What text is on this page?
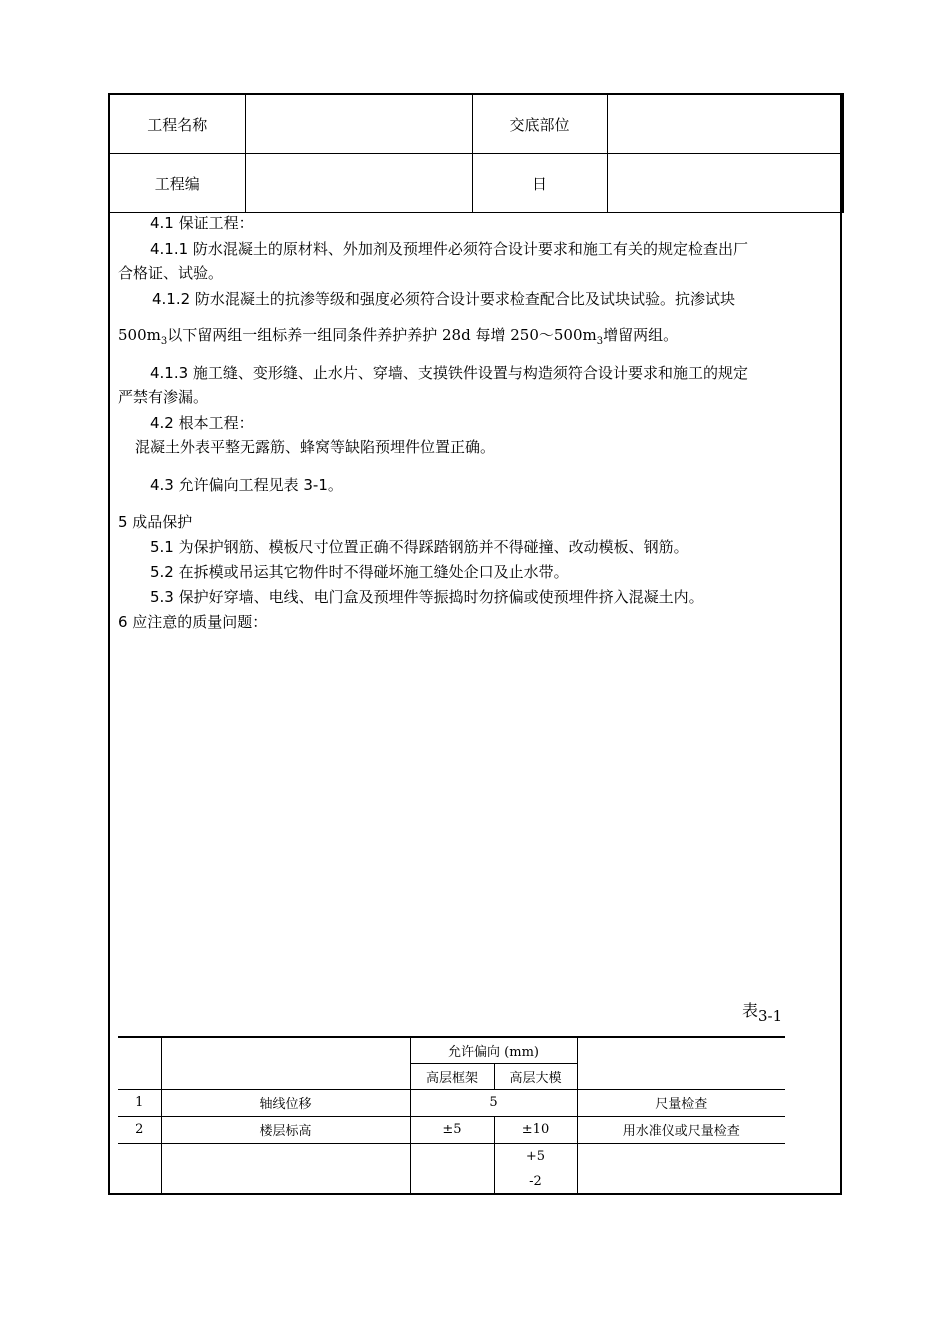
工程名称		交底部位	
工程编		日	
4.1 保证工程：
4.1.1 防水混凝土的原材料、外加剂及预埋件必须符合设计要求和施工有关的规定检查出厂
合格证、试验。
4.1.2 防水混凝土的抗渗等级和强度必须符合设计要求检查配合比及试块试验。抗渗试块
$500m_3$以下留两组一组标养一组同条件养护养护 28d 每增 $250\sim 500m_3$增留两组。
4.1.3 施工缝、变形缝、止水片、穿墙、支摸铁件设置与构造须符合设计要求和施工的规定
严禁有渗漏。
4.2 根本工程：
混凝土外表平整无露筋、蜂窝等缺陷预埋件位置正确。
4.3 允许偏向工程见表 3-1。
5 成品保护
5.1 为保护钢筋、模板尺寸位置正确不得踩踏钢筋并不得碰撞、改动模板、钢筋。
5.2 在拆模或吊运其它物件时不得碰坏施工缝处企口及止水带。
5.3 保护好穿墙、电线、电门盒及预埋件等振捣时勿挤偏或使预埋件挤入混凝土内。
6 应注意的质量问题：
表3-1
		允许偏向 (mm)		
		高层框架	高层大模	
1	轴线位移	5		尺量检查
2	楼层标高	±5	±10	用水准仪或尺量检查

			+5
-2	
